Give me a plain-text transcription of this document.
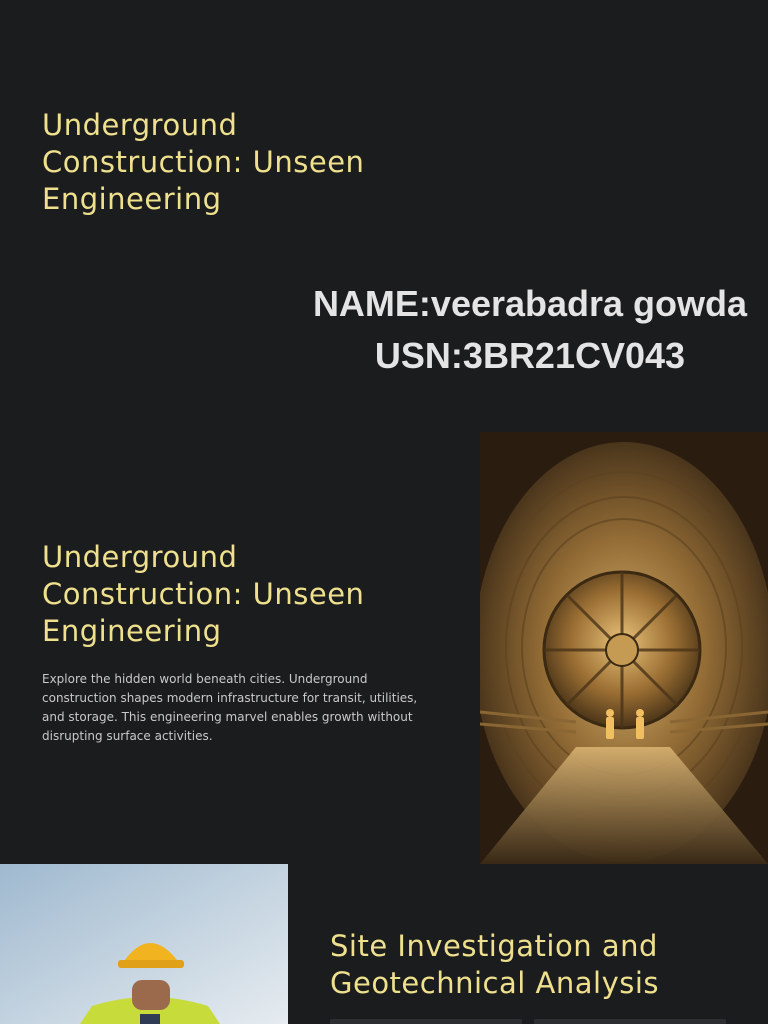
Underground Construction: Unseen Engineering
NAME:veerabadra gowda
USN:3BR21CV043
Underground Construction: Unseen Engineering

Explore the hidden world beneath cities. Underground construction shapes modern infrastructure for transit, utilities, and storage. This engineering marvel enables growth without disrupting surface activities.

Site Investigation and Geotechnical Analysis
